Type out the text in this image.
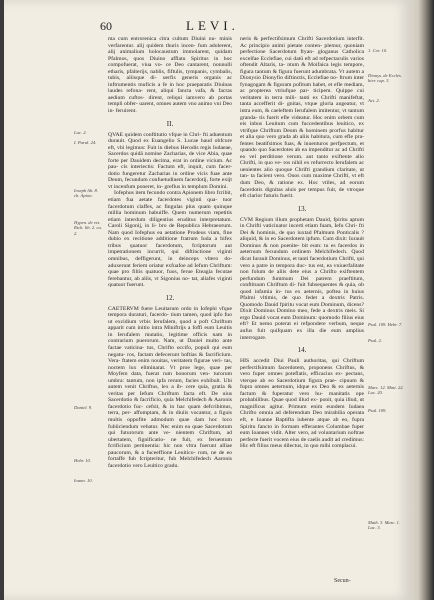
60	LEVI.
Luc. 2.
I. Paral. 24.
Ioseph lib. 8. ch. Apion.
Hypen. de vet. Rich. lib. 2. ca. 2.
Daniel. 9.
Hebr. 10.
Ioann. 10.

ma cum entrorenica citra cultum Diuini nu- minis verfarentur. alij quidem thuris incen- fum adolerent, alij animalium holocaustum immolarent, quidam Pfalmos, quos Diuino afflatu Spiritus in hoc compofuerat, viua vo- ce Deo cantarent, nonnulli etharis, pfalterijs, nablis, fiftulis, tympanis, cymbalis, tubis, aliisque di- uerfis generis organis ac inftrumentis muficis a fe in hoc praeparatis Diuinas laudes refona- rent, aliqui fancta vafa, & facras aedium cuftos- dirent, reliqui iamvero ab portas templi obfer- uarent, omnes autem vno animo vni Deo in- feruirent.

II.

QVAE quidem conftitutio vfque in Chri- fti aduentum durauit. Quod ex Euangelio S. Lucae haud obfcure eft, vbi legimus: Fuit in diebus Herodis regis Iudaeae, Sacerdos quidā nomine Zacharias, de vice Abia, quae forte per Dauidem decima, erat in ordine vicium. Ac pau- cis interiectis: Factum eft, inquit, cum facer- dotio fungeretur Zacharias in ordine vicis fuae ante Deum, fecundum confuetudinem facerdotij, forte exijt vt incenfum poneret, in- greflus in templum Domini.

Iofephus item fecundo contra Apionem libro fcribit, etiam fua aetate facerdotes viginti qua- tuor facerdotum claffes, ac fingulas plus quam quinque millia hominum habuiffe. Quem numerum repetitis etiam interdum diligentius eruditus interpretatum. Caroli Sigonij, in li- bro de Republica Hebraeorum. Nam quod Iofephus ea aetatione Prodeus viam, fine dubio ex recitione additione fratrum Iuda a bifex tribus quatuor facerdotum, fcriptorum aut impetrationem incurrit, qui diftinctione vigintí omnibus, deffigerunt, in deinceps vltero do- aduxerunt feriem oriatur exfuafoe ad Iefum Chriftum: quae pro filiis quatuor, fuos, ferue Eteagia fecutae ferebantur, ab aliis, vt Sigonius no- tat, aliafes viginti quatuor fuerunt.

12.

CAETERVM fuere Leuitarum ordo in Iofephi vfque tempora duraturi, facerdo- tium tamen, quod ipfo fuo ut excidium vrbis Ierufalem, quod a poft Chriftum apparit cum initio intra Miniftrijs a foffi eum Leuitis in Ierufalem mutatio, legitime officis nam in contrarium puerorum. Nam, ut Daniel multo ante factae vaticina- tus, Chrifto occifo, populi qui eum negatu- ros, factam defecerunt hoftias & facrificium. Vera- ftatem enim nouitas, veritatem figurae veri- tas, noctem lux eliminarat. Vt proe lege, quae per Moyfem data, fuerat rum bonorum ven- turorum umbra: tantum, non ipfa rerum, facies exhibuit. Ubi autem venit Chriftus, lex a ib- cere quia, gratia & veritas per Iefum Chriftum facta eft. De uius Sacerdotio & facrificio, quia Melchifedech & Aaronis facerdotio fuc- cefsit, & in hac quam defcribimus, terra, per- affumptam, & in diuiis vocantur, a figuis multis oppofite admodum quae dam hoc loco fubiiciendum vebatur. Nec enim ea quae Sacerdotum qui futurorum ante ve- nientem Chriftum, ad ubertatem, fignificatio- ne fuit, ex feruentum fcrificium pertinentia: hic non vltra fuerunt alliae paucorum, & a fuceeffione Leuitico- rum, ne de eo fortaffe fub fcripteritur, fub Melchifedech Aaronis facerdotio vero Leuitico gradu.

neris & perfectifsimum Chrifti Sacerdotium interfit. Ac principio animi pietate conten- plemur, quoniam perfectione Sacerdotum ftyan- gloganus Catholica excelfae Ecclefiae, cui datū eft ad refpectaculis varios oftendit Altaris, ta- ntum & Moifaica legis tempore, figura tantum & figura fuerunt adumbrata. Vt autem a Dionysio Dionyfio diftinctis, Ecclefiae no- ftrum inter fynagogam & figuram pofitum habet, et efle mediam, ac propterea vtriufque par- ticipem. Quippe cui veritatem in terra mili- tanti ex Chrifti manifeftat, tanta accefferit di- gnitas, vtque gloria augeatur, vt intra eum, & caeleftem Ierufalem imitentur, vt tantum granda- tis fuerit efle videatur. Hoc enim orbem cum eis inbus Leuitum cum fuccedentibus leuitico, ex vtrifque Chriftum Deum & hominem prorfus habitur et alia quo vero grada ab aliis habitura, cum efle pra- fentes beatifsimos fuas, & inuenturos perfpectum, et quando quo Sacerdotes ab ea impenditur ac ad Chrifti eo vel perditione verum. aut tanto exiftente alio Chrifti, in quo ve- ros nihil ex refurrecto Ierufalem ac uenientes alio quoque Chrifti grandium claritate, ut tan- ta facient vero. Ouos cum maxime Chrifti, vt eft dum Deo, & ratione ex. Hoc vtiles, ad eorum facerdotis dignitas aluis per tempus fuit, de vtroque eft clarior futuris fuerit.

13.

CVM Regium illum prophetam Dauid, fpiritu aptum in Chrifti vaticinator incerti etiam fuam, Iefu Chri- fti Dei & hominis, de quo iuxtad Pfalmum Ponticalis ? aliquid, & in eo Sacerdotem ipfum. Cum dixit: Iurauit Dominus & non poenite- bit eum: tu es facerdos in aeternum fecundum ordinem Melchifedech. Quod dicat Iurauit Dominus, et tanti facerdotium Chrifti, qui vero a patre in tempora duc- tus est, ea vniuerfalitate non folum de aliis dete eius a Chrifto exiftentem perfundum fummum Dei patrem praeftitum, conftituum Chriftum di- fuit fubsequentes & quia, ob quod infamia in- tus ex aeternis, poftea in huius Pfalmi vltimis, de quo fedet a dextris Patris. Quomodo Dauid fpiritu vocat eum Dominum, dicens? Dixit Dominus Domino meo, fede a dextris meis. Si ergo Dauid vocat eum Dominum: quomodo filius eius eft? Et nemo poterat ei refpondere verbum, neque aufus fuit quifquam ex illa die eum amplius interrogare.

14.

HIS accedit Diui Pauli authoritas, qui Chriftum perfectifsimum facerdotem, proponens Chriftus, & vero fuper omnes poteflatis, efficacius ex- pectans, vterque ab eo Sacerdotium figura prae- cipuum & fupra omnes aeternum, idque ex Deo & ex aeternis factum & fuperatur vero hu- manitatis ope probabilibus. Quae quod illud ex- ponit, quia illud, ut magnificus agitur. Primum enim eundem Iudaea Chrifto omnia ad deferendum Deo mirabilia operata eft, e Ioanne Baptifta iubente atque ab eo, fupra Spiritu fancto in formam efferantes Columbae fuper eum Ioannes vidit. Alter vero, ad voluntarium noftrae perfecte fuerit vocem eius de caelis audit ad credimus: Hic eft filius meus dilectus, in quo mihi complacui.

1. Cor. 10.
Dionys. de Eccles. hier. cap. 3.
Act. 2.
Psal. 109. Hebr. 7.
Psal. 2.
Marc. 12. Matt. 22. Luc. 20.
Psal. 109.
Math. 3. Marc. 1. Luc. 3.
Secun-
